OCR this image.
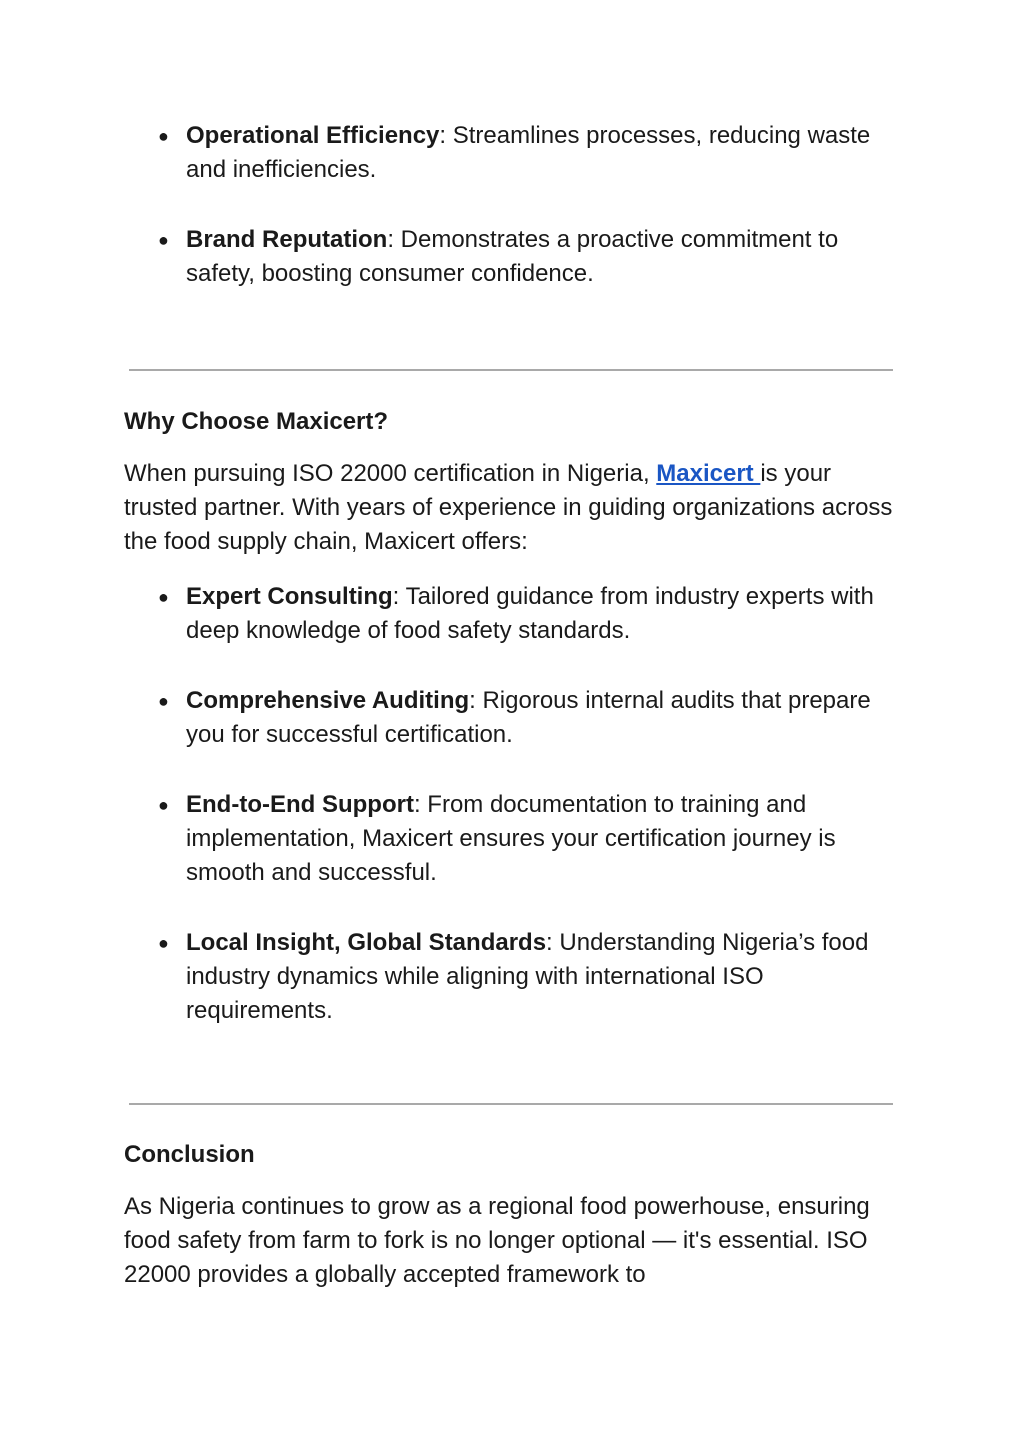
● Operational Efficiency: Streamlines processes, reducing waste and inefficiencies.
● Brand Reputation: Demonstrates a proactive commitment to safety, boosting consumer confidence.
Why Choose Maxicert?

When pursuing ISO 22000 certification in Nigeria, Maxicert is your trusted partner. With years of experience in guiding organizations across the food supply chain, Maxicert offers:

● Expert Consulting: Tailored guidance from industry experts with deep knowledge of food safety standards.
● Comprehensive Auditing: Rigorous internal audits that prepare you for successful certification.
● End-to-End Support: From documentation to training and implementation, Maxicert ensures your certification journey is smooth and successful.
● Local Insight, Global Standards: Understanding Nigeria’s food industry dynamics while aligning with international ISO requirements.
Conclusion

As Nigeria continues to grow as a regional food powerhouse, ensuring food safety from farm to fork is no longer optional — it's essential. ISO 22000 provides a globally accepted framework to
